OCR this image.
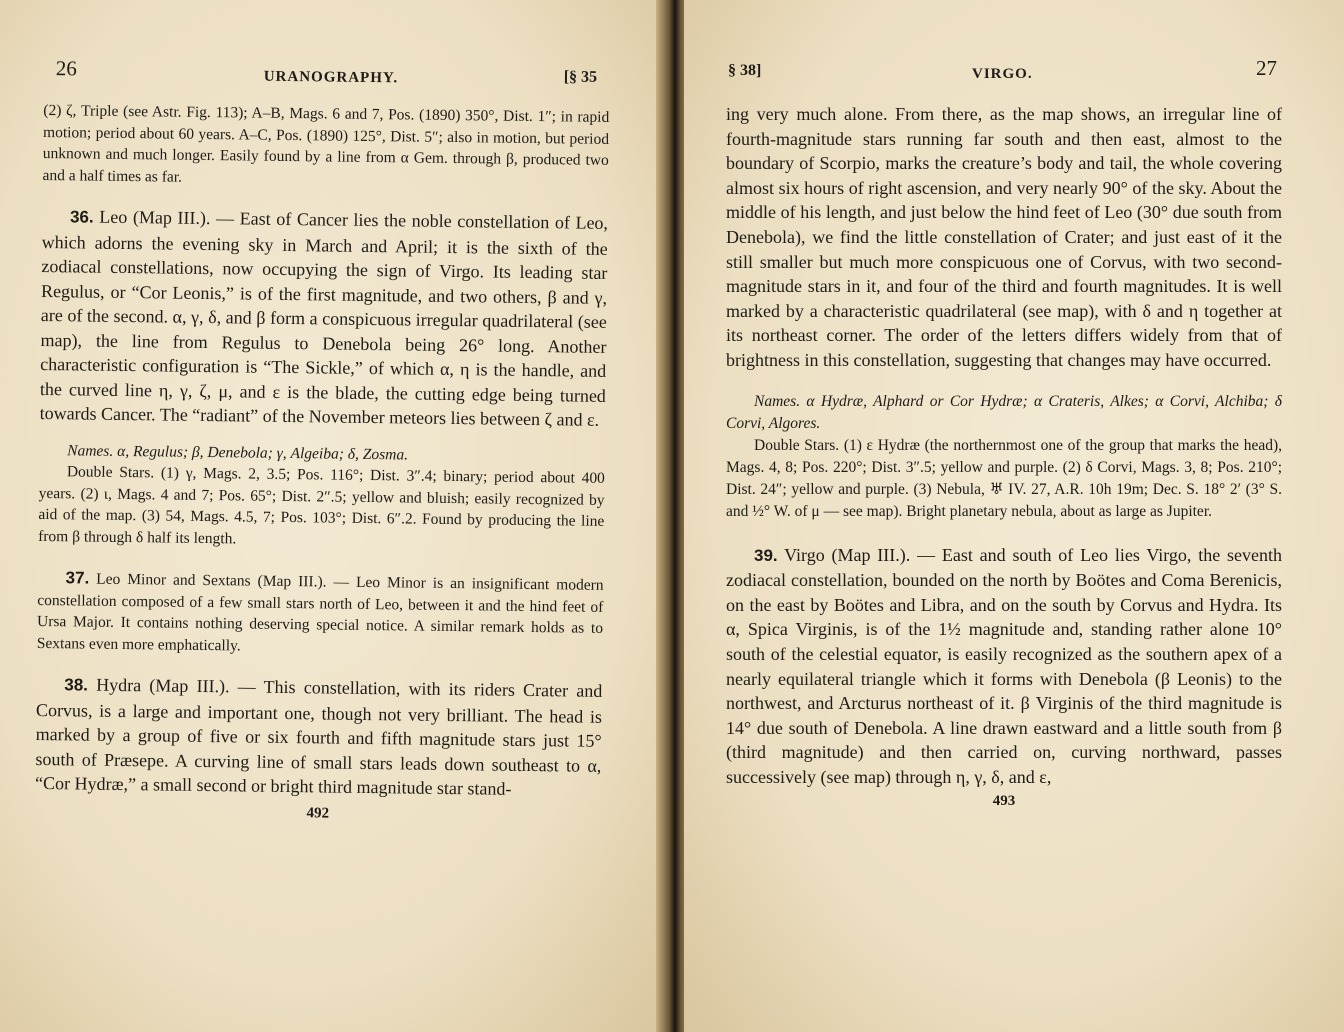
26	URANOGRAPHY.	[§ 35

(2) ζ, Triple (see Astr. Fig. 113); A–B, Mags. 6 and 7, Pos. (1890) 350°, Dist. 1″; in rapid motion; period about 60 years. A–C, Pos. (1890) 125°, Dist. 5″; also in motion, but period unknown and much longer. Easily found by a line from α Gem. through β, produced two and a half times as far.

36. Leo (Map III.). — East of Cancer lies the noble constellation of Leo, which adorns the evening sky in March and April; it is the sixth of the zodiacal constellations, now occupying the sign of Virgo. Its leading star Regulus, or “Cor Leonis,” is of the first magnitude, and two others, β and γ, are of the second. α, γ, δ, and β form a conspicuous irregular quadrilateral (see map), the line from Regulus to Denebola being 26° long. Another characteristic configuration is “The Sickle,” of which α, η is the handle, and the curved line η, γ, ζ, μ, and ε is the blade, the cutting edge being turned towards Cancer. The “radiant” of the November meteors lies between ζ and ε.

Names. α, Regulus; β, Denebola; γ, Algeiba; δ, Zosma.

Double Stars. (1) γ, Mags. 2, 3.5; Pos. 116°; Dist. 3″.4; binary; period about 400 years. (2) ι, Mags. 4 and 7; Pos. 65°; Dist. 2″.5; yellow and bluish; easily recognized by aid of the map. (3) 54, Mags. 4.5, 7; Pos. 103°; Dist. 6″.2. Found by producing the line from β through δ half its length.

37. Leo Minor and Sextans (Map III.). — Leo Minor is an insignificant modern constellation composed of a few small stars north of Leo, between it and the hind feet of Ursa Major. It contains nothing deserving special notice. A similar remark holds as to Sextans even more emphatically.

38. Hydra (Map III.). — This constellation, with its riders Crater and Corvus, is a large and important one, though not very brilliant. The head is marked by a group of five or six fourth and fifth magnitude stars just 15° south of Præsepe. A curving line of small stars leads down southeast to α, “Cor Hydræ,” a small second or bright third magnitude star stand-

492
§ 38]	VIRGO.	27

ing very much alone. From there, as the map shows, an irregular line of fourth-magnitude stars running far south and then east, almost to the boundary of Scorpio, marks the creature’s body and tail, the whole covering almost six hours of right ascension, and very nearly 90° of the sky. About the middle of his length, and just below the hind feet of Leo (30° due south from Denebola), we find the little constellation of Crater; and just east of it the still smaller but much more conspicuous one of Corvus, with two second-magnitude stars in it, and four of the third and fourth magnitudes. It is well marked by a characteristic quadrilateral (see map), with δ and η together at its northeast corner. The order of the letters differs widely from that of brightness in this constellation, suggesting that changes may have occurred.

Names. α Hydræ, Alphard or Cor Hydræ; α Crateris, Alkes; α Corvi, Alchiba; δ Corvi, Algores.

Double Stars. (1) ε Hydræ (the northernmost one of the group that marks the head), Mags. 4, 8; Pos. 220°; Dist. 3″.5; yellow and purple. (2) δ Corvi, Mags. 3, 8; Pos. 210°; Dist. 24″; yellow and purple. (3) Nebula, ♅ IV. 27, A.R. 10h 19m; Dec. S. 18° 2′ (3° S. and ½° W. of μ — see map). Bright planetary nebula, about as large as Jupiter.

39. Virgo (Map III.). — East and south of Leo lies Virgo, the seventh zodiacal constellation, bounded on the north by Boötes and Coma Berenicis, on the east by Boötes and Libra, and on the south by Corvus and Hydra. Its α, Spica Virginis, is of the 1½ magnitude and, standing rather alone 10° south of the celestial equator, is easily recognized as the southern apex of a nearly equilateral triangle which it forms with Denebola (β Leonis) to the northwest, and Arcturus northeast of it. β Virginis of the third magnitude is 14° due south of Denebola. A line drawn eastward and a little south from β (third magnitude) and then carried on, curving northward, passes successively (see map) through η, γ, δ, and ε,

493
